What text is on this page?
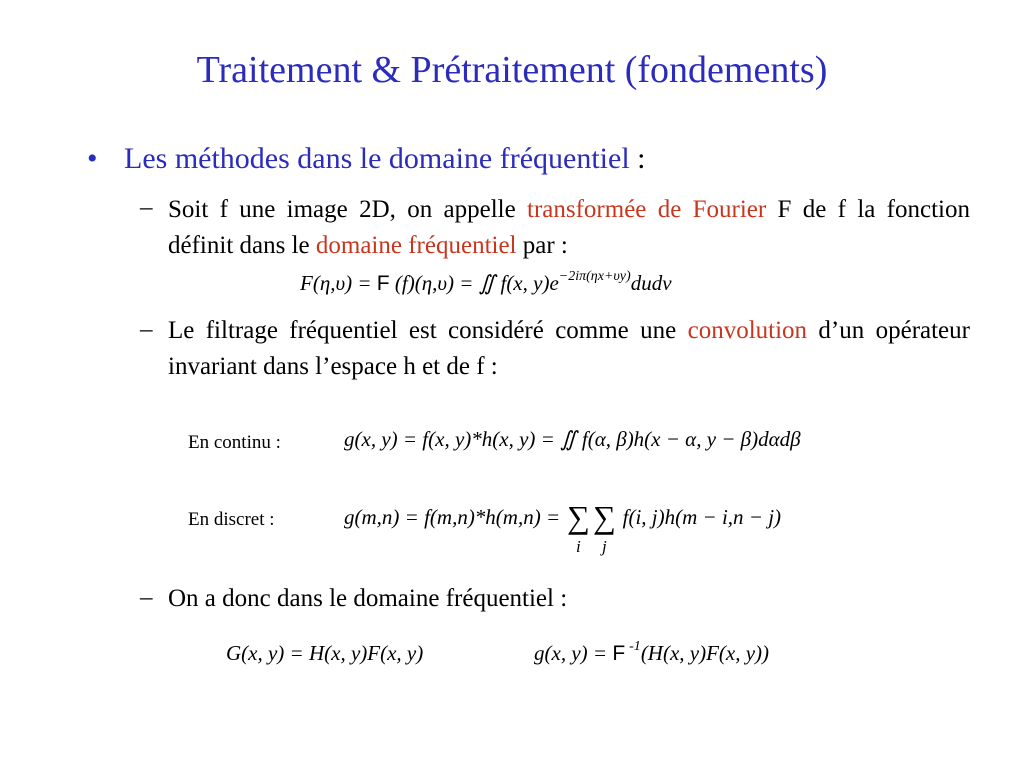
Traitement & Prétraitement (fondements)
• Les méthodes dans le domaine fréquentiel :
– Soit f une image 2D, on appelle transformée de Fourier F de f la fonction définit dans le domaine fréquentiel par :
F(η,υ) = F (f)(η,υ) = ∬ f(x, $y)e^{-2i\pi(\eta x+\upsilon y)}dudv$
– Le filtrage fréquentiel est considéré comme une convolution d’un opérateur invariant dans l’espace h et de f :
En continu :	g(x, y) = f(x, y)*h(x, y) = ∬ f(α, β)h(x − α, y − β)dαdβ
En discret :	g(m,n) = f(m,n)*h(m,n) = ∑
i
∑
j
f(i, j)h(m − i,n − j)
– On a donc dans le domaine fréquentiel :
G(x, y) = H(x, y)F(x, y)	g(x, y) = F $^{-1}$(H(x, y)F(x, y))
